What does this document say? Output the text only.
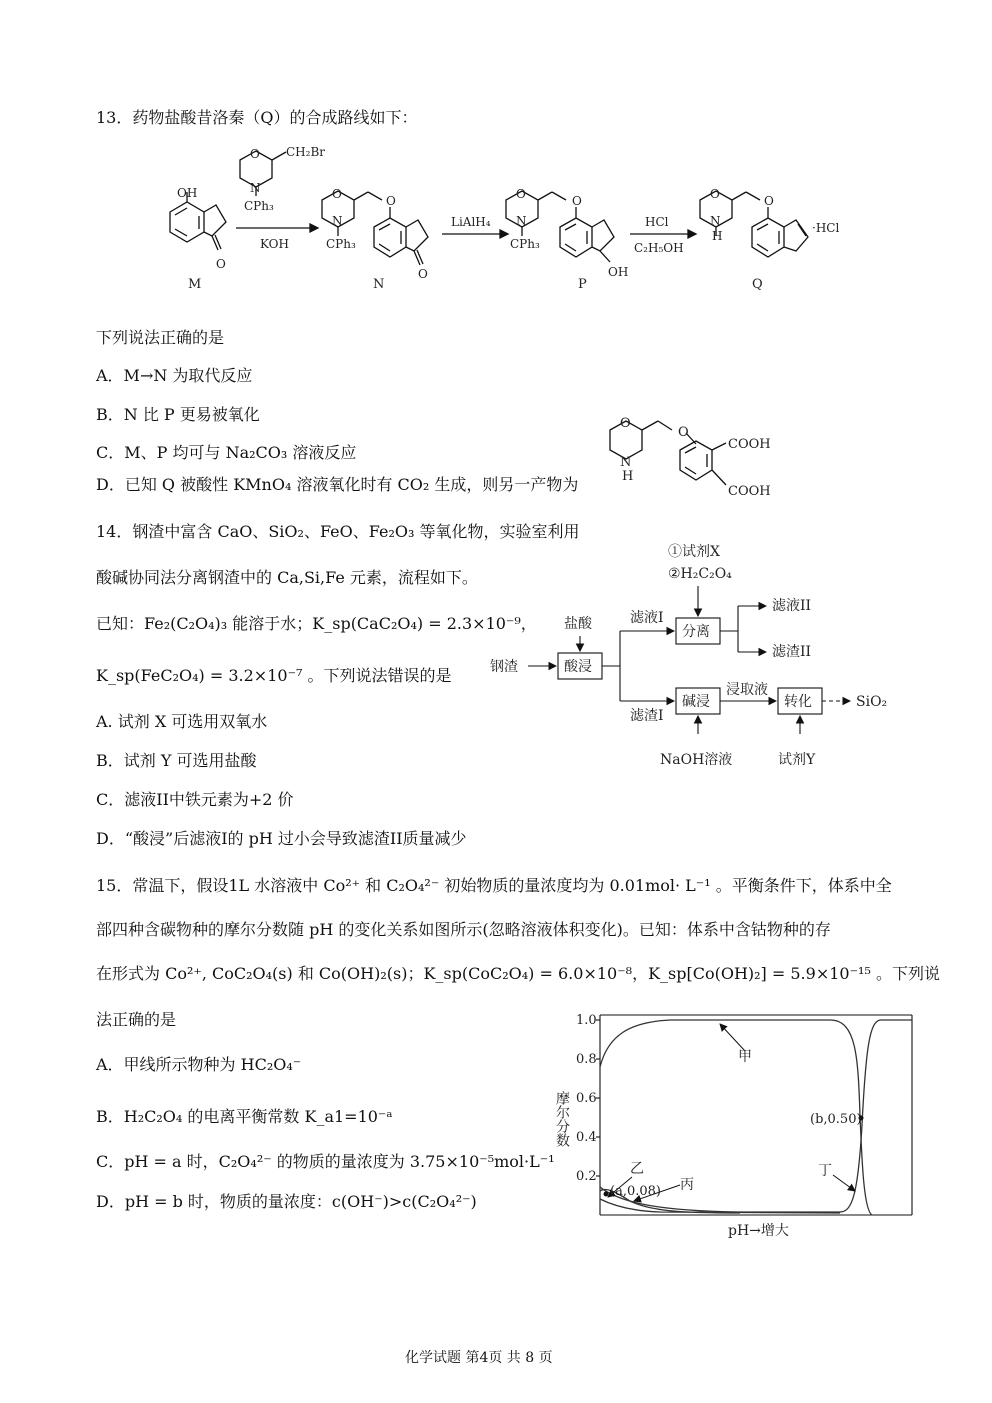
13．药物盐酸昔洛秦（Q）的合成路线如下：
OH
O
O
N
CH₂Br
CPh₃
KOH
O
N
O
CPh₃
O
LiAlH₄
O
N
O
CPh₃
OH
HCl
C₂H₅OH
O
N
H
O
·HCl
M	N	P	Q
下列说法正确的是
A．M→N 为取代反应
B．N 比 P 更易被氧化
C．M、P 均可与 Na₂CO₃ 溶液反应
D．已知 Q 被酸性 KMnO₄ 溶液氧化时有 CO₂ 生成，则另一产物为
O
N
H
O
COOH
COOH
14．钢渣中富含 CaO、SiO₂、FeO、Fe₂O₃ 等氧化物，实验室利用
酸碱协同法分离钢渣中的 Ca,Si,Fe 元素，流程如下。
已知：Fe₂(C₂O₄)₃ 能溶于水；K_sp(CaC₂O₄) = 2.3×10⁻⁹，
K_sp(FeC₂O₄) = 3.2×10⁻⁷ 。下列说法错误的是
A. 试剂 X 可选用双氧水
B．试剂 Y 可选用盐酸
C．滤液II中铁元素为+2 价
D．“酸浸”后滤液I的 pH 过小会导致滤渣II质量减少
①试剂X
②H₂C₂O₄
盐酸	滤液I
分离
滤液II
滤渣II
钢渣	酸浸
滤渣I
碱浸
浸取液
转化	SiO₂
NaOH溶液	试剂Y
15．常温下，假设1L 水溶液中 Co²⁺ 和 C₂O₄²⁻ 初始物质的量浓度均为 0.01mol· L⁻¹ 。平衡条件下，体系中全
部四种含碳物种的摩尔分数随 pH 的变化关系如图所示(忽略溶液体积变化)。已知：体系中含钴物种的存
在形式为 Co²⁺, CoC₂O₄(s) 和 Co(OH)₂(s)；K_sp(CoC₂O₄) = 6.0×10⁻⁸，K_sp[Co(OH)₂] = 5.9×10⁻¹⁵ 。下列说
法正确的是
A．甲线所示物种为 HC₂O₄⁻
B．H₂C₂O₄ 的电离平衡常数 K_a1=10⁻ᵃ
C．pH = a 时，C₂O₄²⁻ 的物质的量浓度为 3.75×10⁻⁵mol·L⁻¹
D．pH = b 时，物质的量浓度：c(OH⁻)>c(C₂O₄²⁻)
0.2
0.4
0.6
0.8
1.0
甲
乙
丙
丁
(a,0.08)
(b,0.50)
pH→增大
摩尔分数
化学试题 第4页 共 8 页
